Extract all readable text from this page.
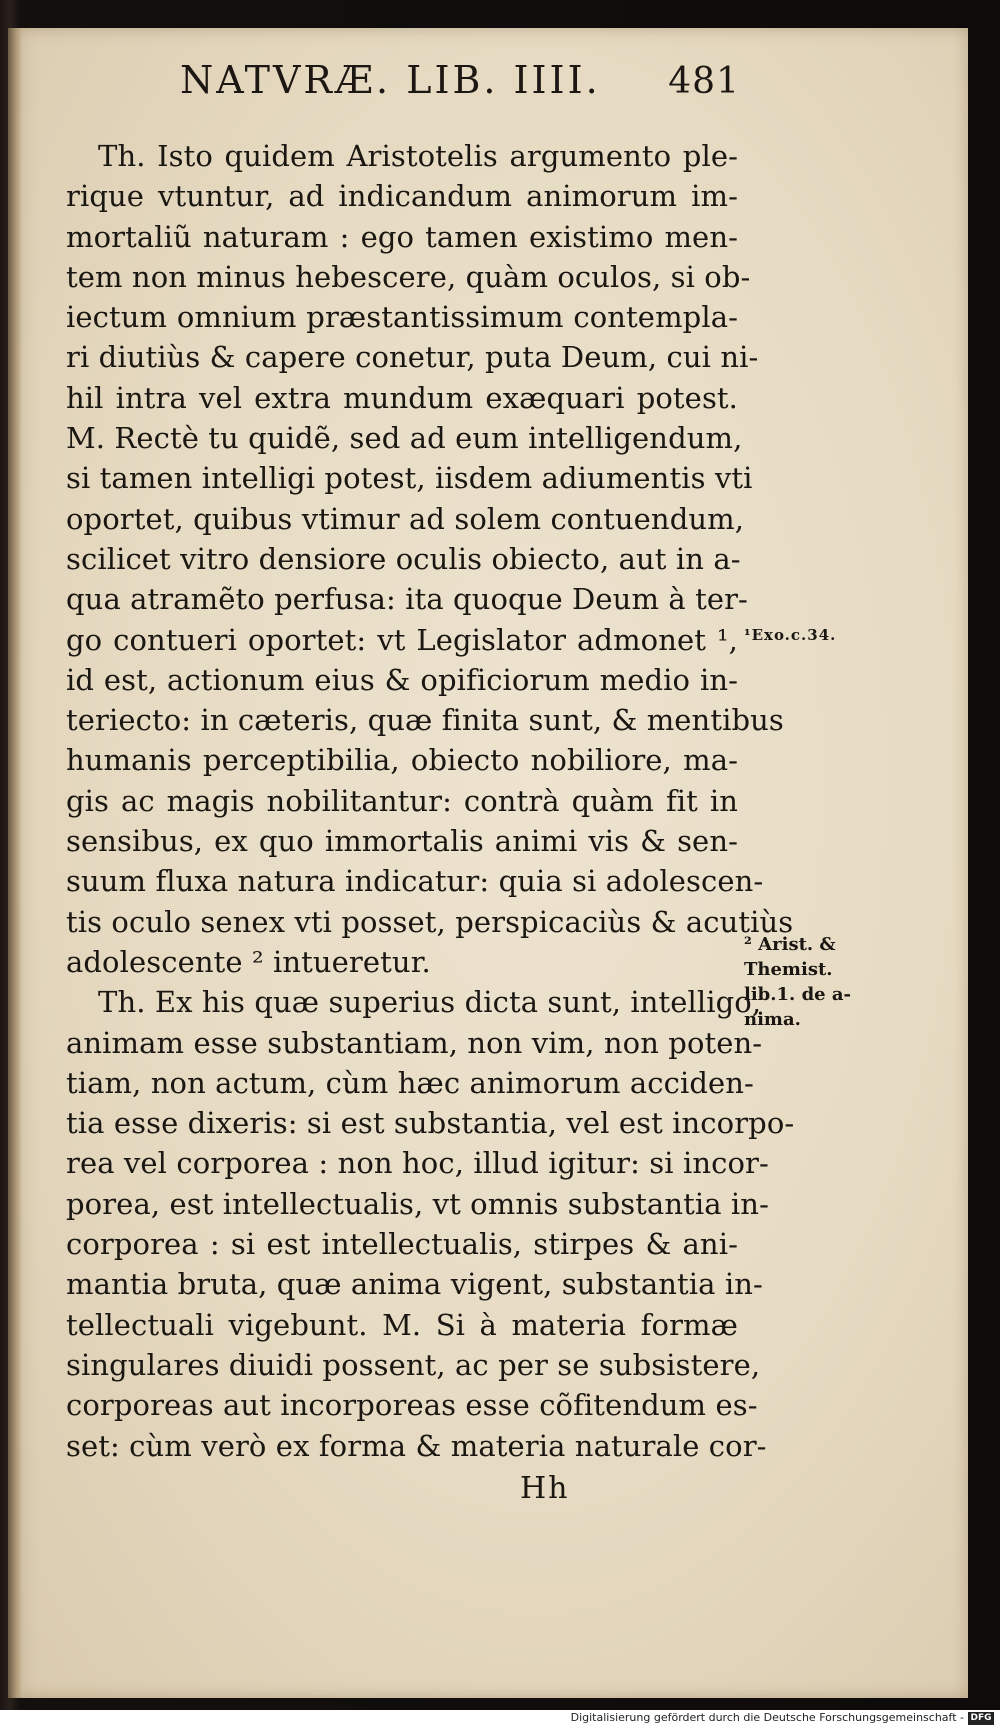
NATVRÆ. LIB. IIII. 481
Th. Isto quidem Aristotelis argumento ple-
rique vtuntur, ad indicandum animorum im-
mortaliũ naturam : ego tamen existimo men-
tem non minus hebescere, quàm oculos, si ob-
iectum omnium præstantissimum contempla-
ri diutiùs & capere conetur, puta Deum, cui ni-
hil intra vel extra mundum exæquari potest.
M. Rectè tu quidẽ, sed ad eum intelligendum,
si tamen intelligi potest, iisdem adiumentis vti
oportet, quibus vtimur ad solem contuendum,
scilicet vitro densiore oculis obiecto, aut in a-
qua atramẽto perfusa: ita quoque Deum à ter-
go contueri oportet: vt Legislator admonet ¹,
id est, actionum eius & opificiorum medio in-
teriecto: in cæteris, quæ finita sunt, & mentibus
humanis perceptibilia, obiecto nobiliore, ma-
gis ac magis nobilitantur: contrà quàm fit in
sensibus, ex quo immortalis animi vis & sen-
suum fluxa natura indicatur: quia si adolescen-
tis oculo senex vti posset, perspicaciùs & acutiùs
adolescente ² intueretur.
Th. Ex his quæ superius dicta sunt, intelligo,
animam esse substantiam, non vim, non poten-
tiam, non actum, cùm hæc animorum acciden-
tia esse dixeris: si est substantia, vel est incorpo-
rea vel corporea : non hoc, illud igitur: si incor-
porea, est intellectualis, vt omnis substantia in-
corporea : si est intellectualis, stirpes & ani-
mantia bruta, quæ anima vigent, substantia in-
tellectuali vigebunt. M. Si à materia formæ
singulares diuidi possent, ac per se subsistere,
corporeas aut incorporeas esse cõfitendum es-
set: cùm verò ex forma & materia naturale cor-
¹Exo.c.34.
² Arist. & Themist. lib.1. de a- nima.
Hh
Digitalisierung gefördert durch die Deutsche Forschungsgemeinschaft - DFG
